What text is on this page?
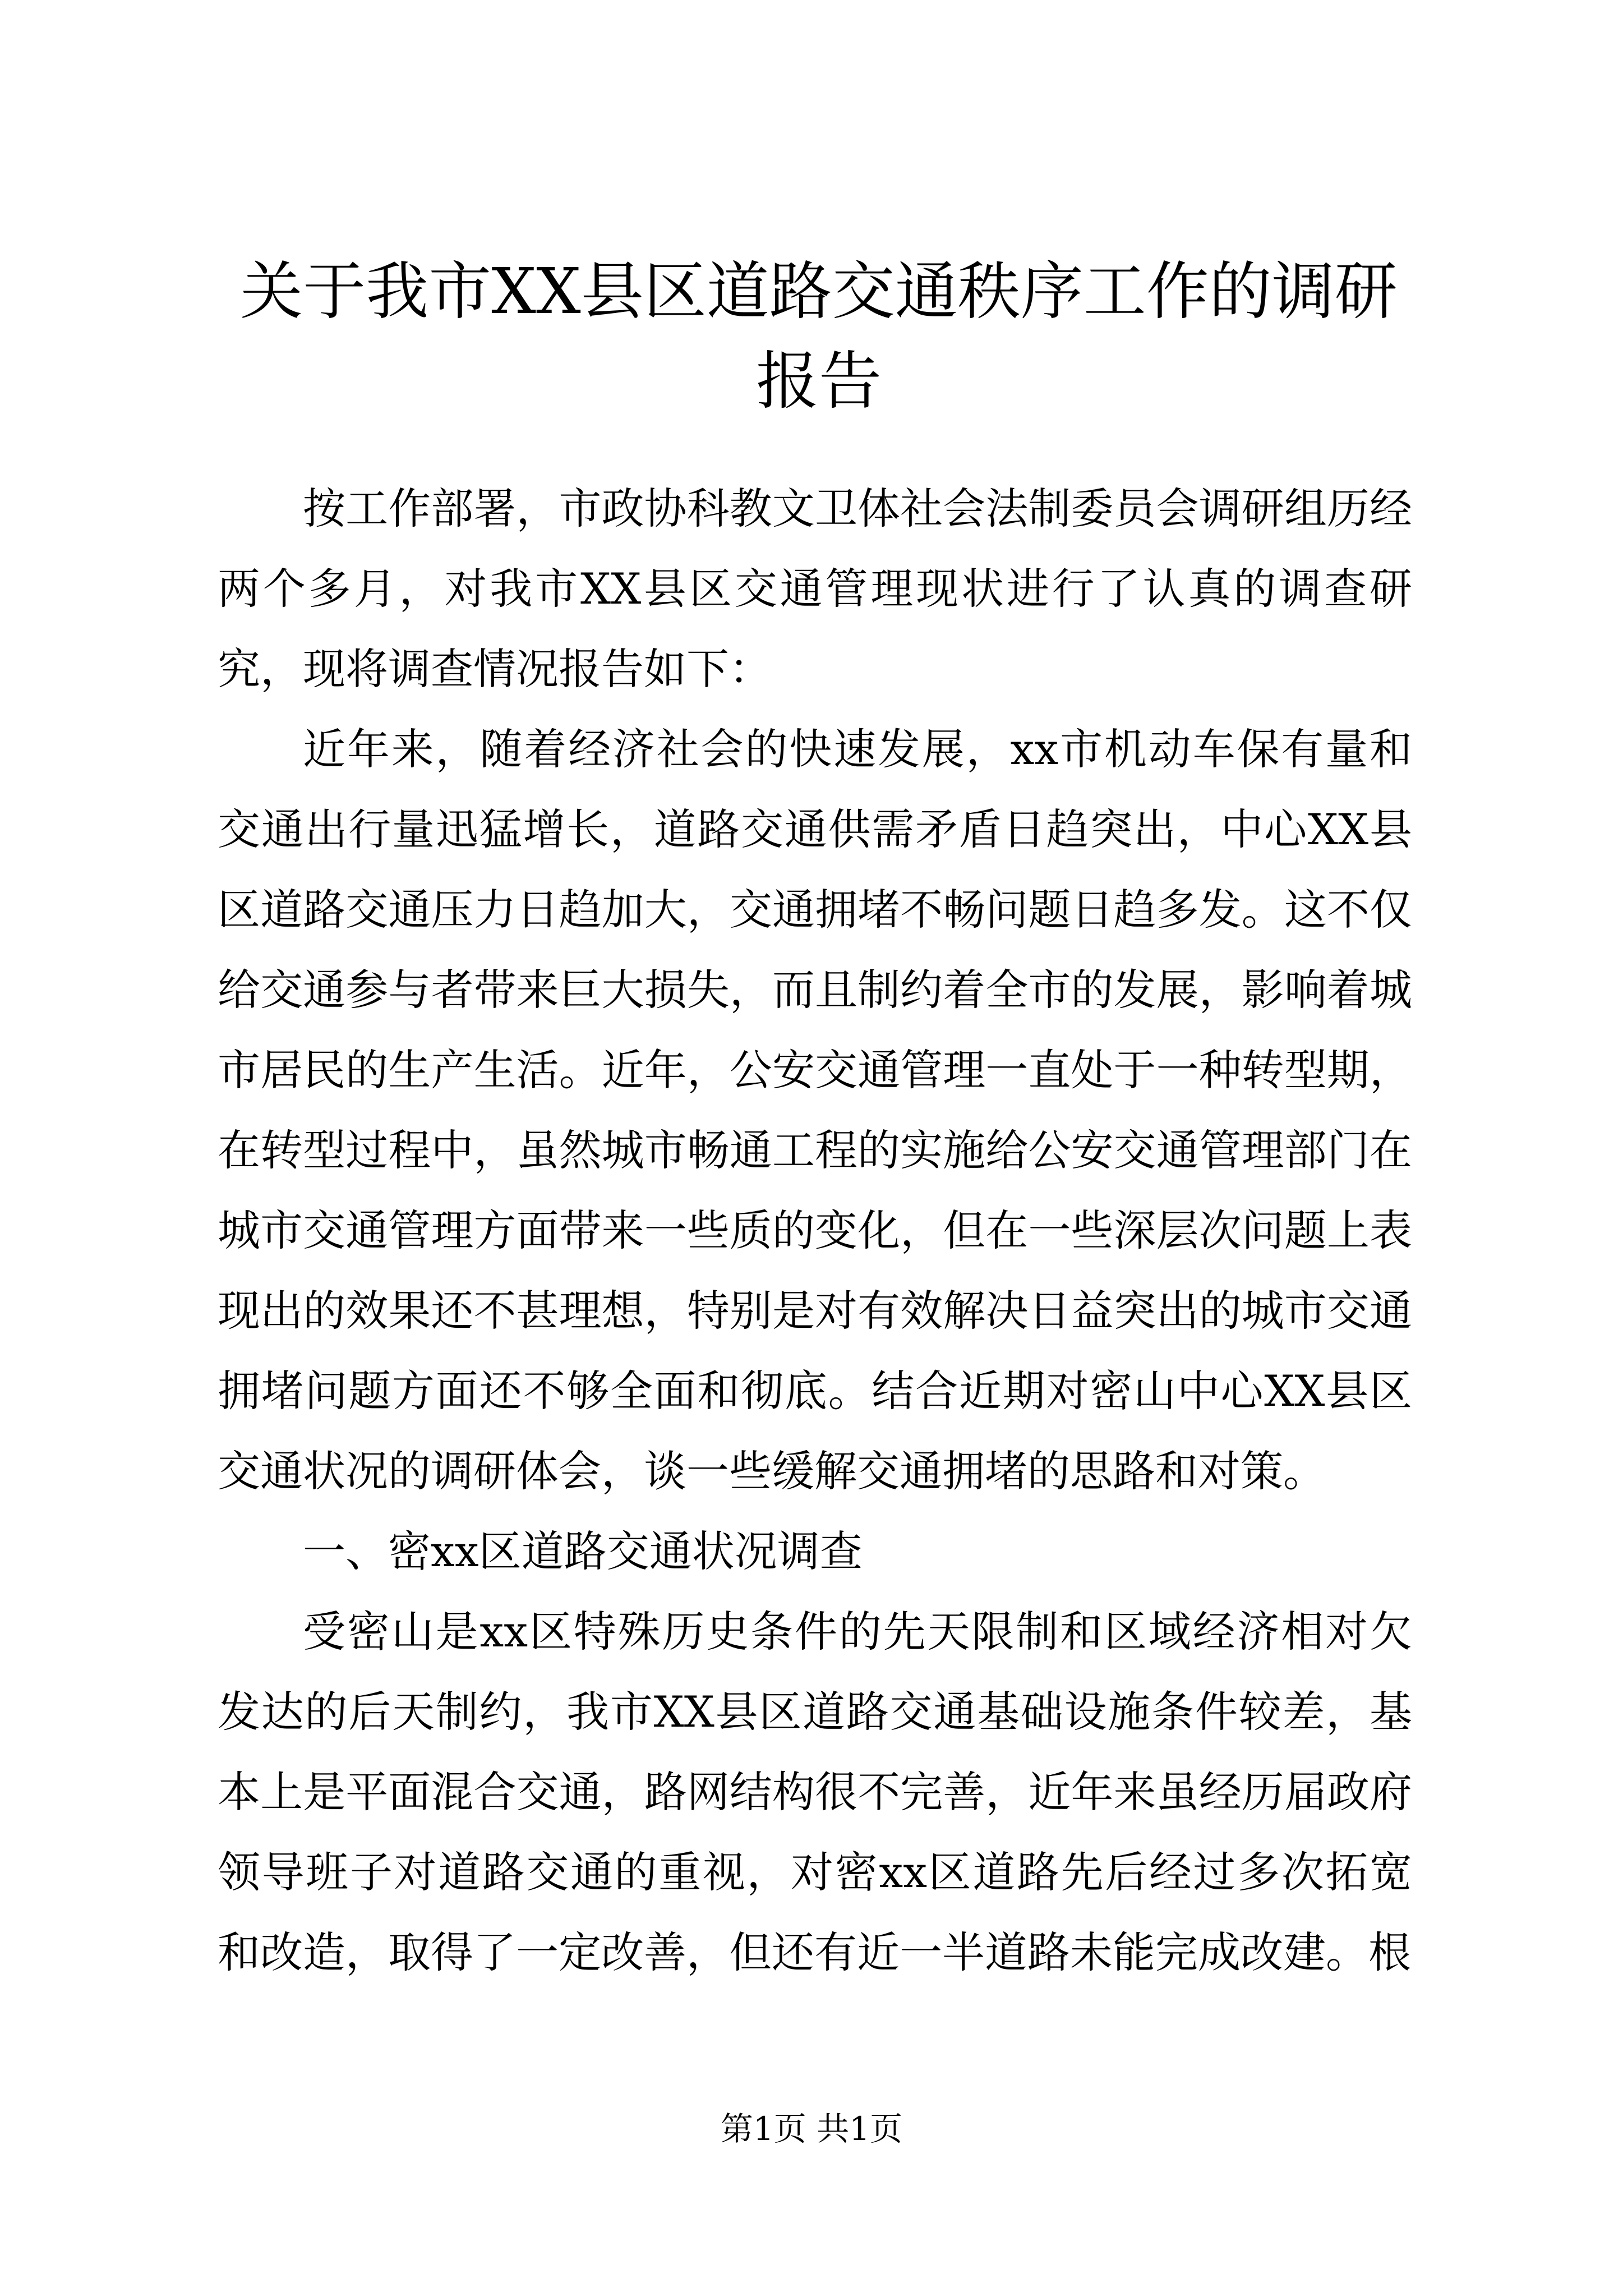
关于我市XX县区道路交通秩序工作的调研报告

按工作部署，市政协科教文卫体社会法制委员会调研组历经两个多月，对我市XX县区交通管理现状进行了认真的调查研究，现将调查情况报告如下：

近年来，随着经济社会的快速发展，xx市机动车保有量和交通出行量迅猛增长，道路交通供需矛盾日趋突出，中心XX县区道路交通压力日趋加大，交通拥堵不畅问题日趋多发。这不仅给交通参与者带来巨大损失，而且制约着全市的发展，影响着城市居民的生产生活。近年，公安交通管理一直处于一种转型期，在转型过程中，虽然城市畅通工程的实施给公安交通管理部门在城市交通管理方面带来一些质的变化，但在一些深层次问题上表现出的效果还不甚理想，特别是对有效解决日益突出的城市交通拥堵问题方面还不够全面和彻底。结合近期对密山中心XX县区交通状况的调研体会，谈一些缓解交通拥堵的思路和对策。

一、密xx区道路交通状况调查

受密山是xx区特殊历史条件的先天限制和区域经济相对欠发达的后天制约，我市XX县区道路交通基础设施条件较差，基本上是平面混合交通，路网结构很不完善，近年来虽经历届政府领导班子对道路交通的重视，对密xx区道路先后经过多次拓宽和改造，取得了一定改善，但还有近一半道路未能完成改建。根

第1页 共1页
